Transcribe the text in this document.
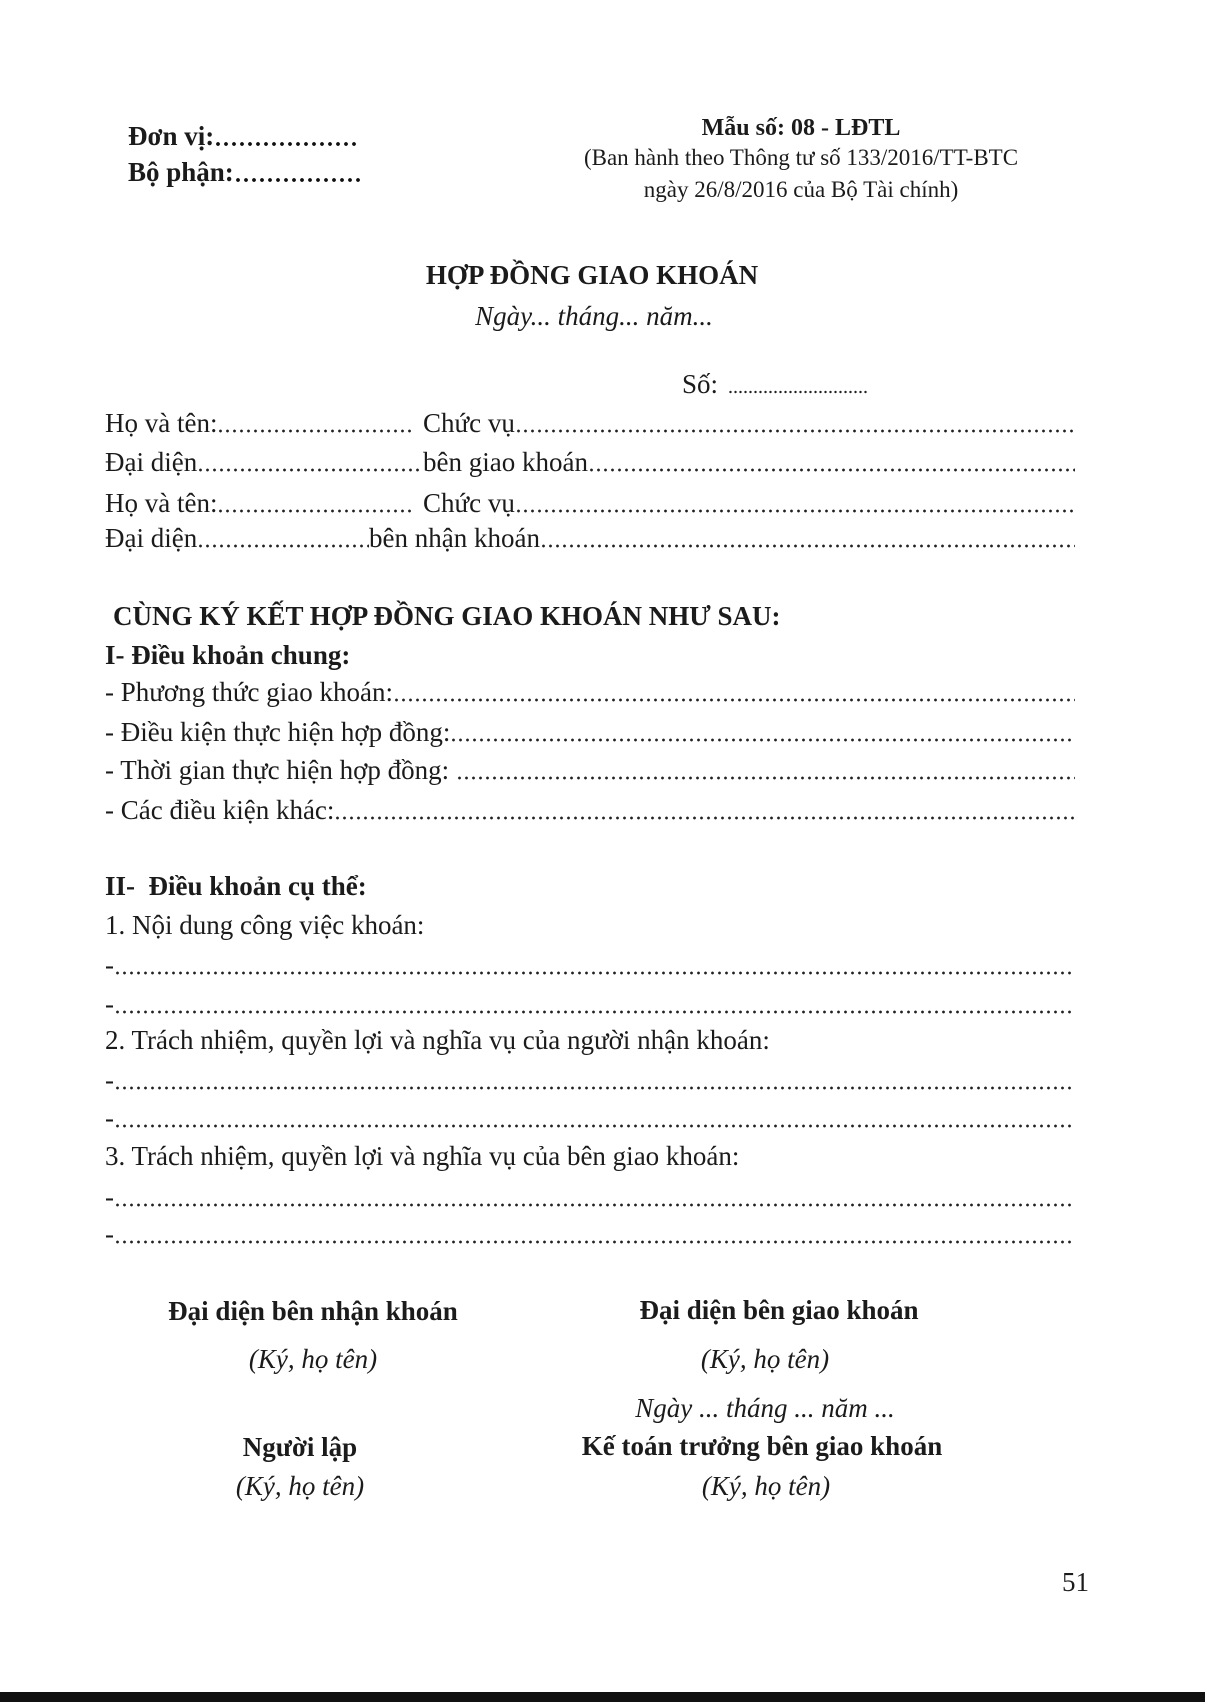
Đơn vị:
Bộ phận:
Mẫu số: 08 - LĐTL
(Ban hành theo Thông tư số 133/2016/TT-BTC
ngày 26/8/2016 của Bộ Tài chính)
HỢP ĐỒNG GIAO KHOÁN
Ngày... tháng... năm...
Số:
Họ và tên:	Chức vụ
Đại diện	bên giao khoán
Họ và tên:	Chức vụ
Đại diện	bên nhận khoán
CÙNG KÝ KẾT HỢP ĐỒNG GIAO KHOÁN NHƯ SAU:
I- Điều khoản chung:
- Phương thức giao khoán:
- Điều kiện thực hiện hợp đồng:
- Thời gian thực hiện hợp đồng:
- Các điều kiện khác:
II-  Điều khoản cụ thể:
1. Nội dung công việc khoán:
-
-
2. Trách nhiệm, quyền lợi và nghĩa vụ của người nhận khoán:
-
-
3. Trách nhiệm, quyền lợi và nghĩa vụ của bên giao khoán:
-
-
Đại diện bên nhận khoán
(Ký, họ tên)
Đại diện bên giao khoán
(Ký, họ tên)
Ngày ... tháng ... năm ...
Người lập
(Ký, họ tên)
Kế toán trưởng bên giao khoán
(Ký, họ tên)
51
